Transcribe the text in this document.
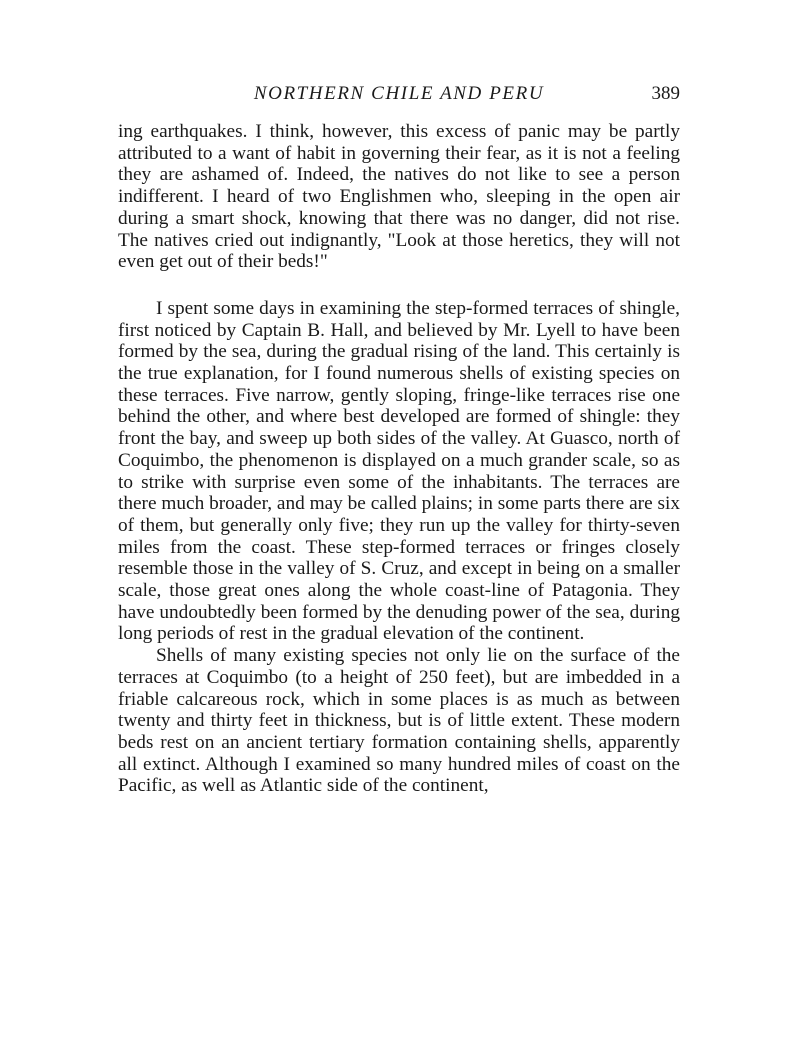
NORTHERN CHILE AND PERU	389

ing earthquakes. I think, however, this excess of panic may be partly attributed to a want of habit in governing their fear, as it is not a feeling they are ashamed of. Indeed, the natives do not like to see a person indifferent. I heard of two Englishmen who, sleeping in the open air during a smart shock, knowing that there was no danger, did not rise. The natives cried out indignantly, "Look at those heretics, they will not even get out of their beds!"

I spent some days in examining the step-formed terraces of shingle, first noticed by Captain B. Hall, and believed by Mr. Lyell to have been formed by the sea, during the gradual rising of the land. This certainly is the true explanation, for I found numerous shells of existing species on these terraces. Five narrow, gently sloping, fringe-like terraces rise one behind the other, and where best developed are formed of shingle: they front the bay, and sweep up both sides of the valley. At Guasco, north of Coquimbo, the phenomenon is displayed on a much grander scale, so as to strike with surprise even some of the inhabitants. The terraces are there much broader, and may be called plains; in some parts there are six of them, but generally only five; they run up the valley for thirty-seven miles from the coast. These step-formed terraces or fringes closely resemble those in the valley of S. Cruz, and except in being on a smaller scale, those great ones along the whole coast-line of Patagonia. They have undoubtedly been formed by the denuding power of the sea, during long periods of rest in the gradual elevation of the continent.

Shells of many existing species not only lie on the surface of the terraces at Coquimbo (to a height of 250 feet), but are imbedded in a friable calcareous rock, which in some places is as much as between twenty and thirty feet in thickness, but is of little extent. These modern beds rest on an ancient tertiary formation containing shells, apparently all extinct. Although I examined so many hundred miles of coast on the Pacific, as well as Atlantic side of the continent,
